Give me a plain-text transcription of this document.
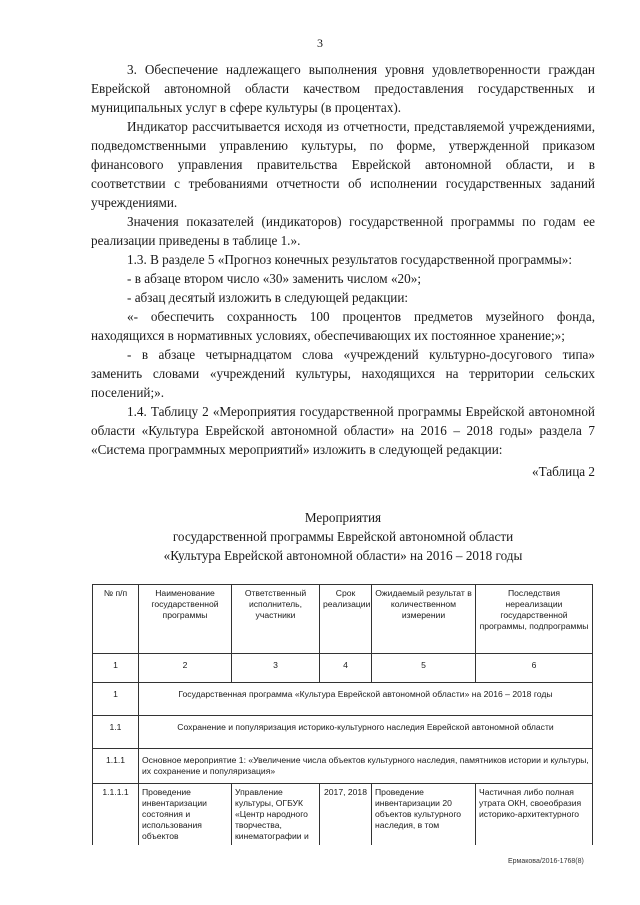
3

3. Обеспечение надлежащего выполнения уровня удовлетворенности граждан Еврейской автономной области качеством предоставления государственных и муниципальных услуг в сфере культуры (в процентах).

Индикатор рассчитывается исходя из отчетности, представляемой учреждениями, подведомственными управлению культуры, по форме, утвержденной приказом финансового управления правительства Еврейской автономной области, и в соответствии с требованиями отчетности об исполнении государственных заданий учреждениями.

Значения показателей (индикаторов) государственной программы по годам ее реализации приведены в таблице 1.».

1.3. В разделе 5 «Прогноз конечных результатов государственной программы»:

- в абзаце втором число «30» заменить числом «20»;

- абзац десятый изложить в следующей редакции:

«- обеспечить сохранность 100 процентов предметов музейного фонда, находящихся в нормативных условиях, обеспечивающих их постоянное хранение;»;

- в абзаце четырнадцатом слова «учреждений культурно-досугового типа» заменить словами «учреждений культуры, находящихся на территории сельских поселений;».

1.4. Таблицу 2 «Мероприятия государственной программы Еврейской автономной области «Культура Еврейской автономной области» на 2016 – 2018 годы» раздела 7 «Система программных мероприятий» изложить в следующей редакции:

«Таблица 2

Мероприятия
государственной программы Еврейской автономной области
«Культура Еврейской автономной области» на 2016 – 2018 годы
№ п/п	Наименование государственной программы	Ответственный исполнитель, участники	Срок реализации	Ожидаемый результат в количественном измерении	Последствия нереализации государственной программы, подпрограммы
1	2	3	4	5	6
1	Государственная программа «Культура Еврейской автономной области» на 2016 – 2018 годы				
1.1	Сохранение и популяризация историко-культурного наследия Еврейской автономной области				
1.1.1	Основное мероприятие 1: «Увеличение числа объектов культурного наследия, памятников истории и культуры, их сохранение и популяризация»				
1.1.1.1	Проведение инвентаризации состояния и использования объектов	Управление культуры, ОГБУК «Центр народного творчества, кинематографии и	2017, 2018	Проведение инвентаризации 20 объектов культурного наследия, в том	Частичная либо полная утрата ОКН, своеобразия историко-архитектурного
Ермакова/2016-1768(8)
